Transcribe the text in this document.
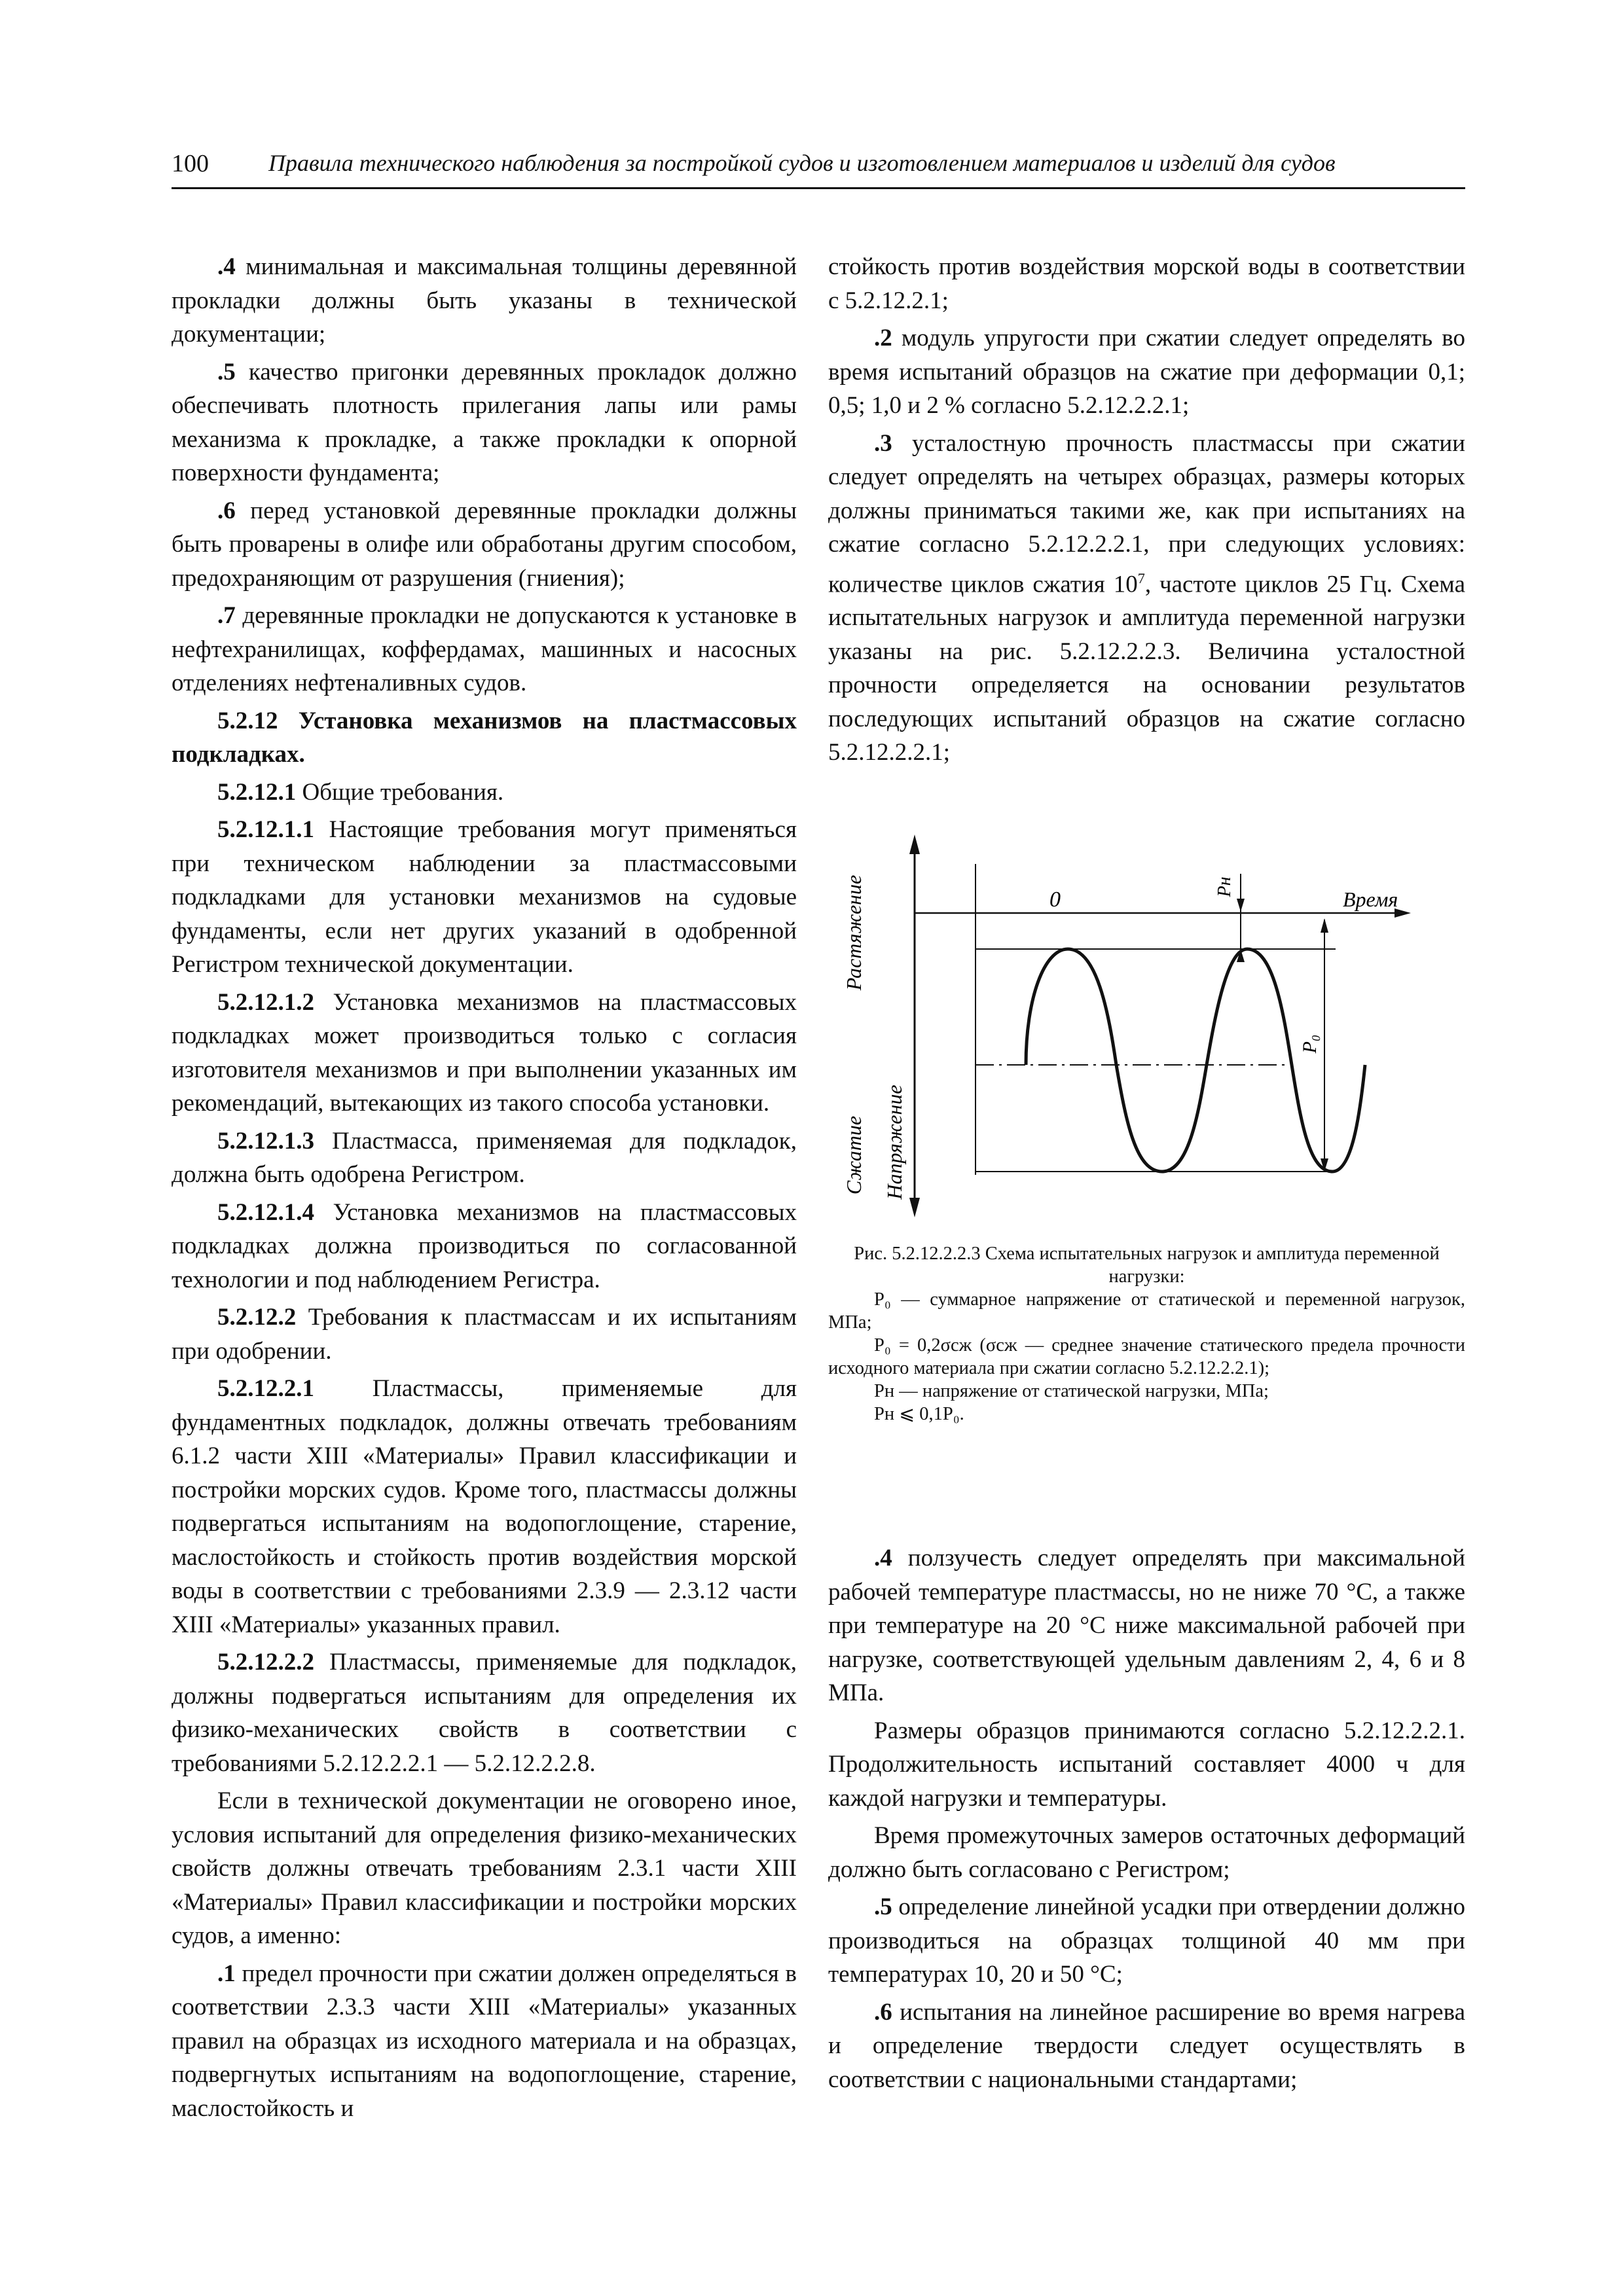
100	Правила технического наблюдения за постройкой судов и изготовлением материалов и изделий для судов

.4 минимальная и максимальная толщины деревянной прокладки должны быть указаны в технической документации;

.5 качество пригонки деревянных прокладок должно обеспечивать плотность прилегания лапы или рамы механизма к прокладке, а также прокладки к опорной поверхности фундамента;

.6 перед установкой деревянные прокладки должны быть проварены в олифе или обработаны другим способом, предохраняющим от разрушения (гниения);

.7 деревянные прокладки не допускаются к установке в нефтехранилищах, коффердамах, машинных и насосных отделениях нефтеналивных судов.

5.2.12 Установка механизмов на пластмассовых подкладках.

5.2.12.1 Общие требования.

5.2.12.1.1 Настоящие требования могут применяться при техническом наблюдении за пластмассовыми подкладками для установки механизмов на судовые фундаменты, если нет других указаний в одобренной Регистром технической документации.

5.2.12.1.2 Установка механизмов на пластмассовых подкладках может производиться только с согласия изготовителя механизмов и при выполнении указанных им рекомендаций, вытекающих из такого способа установки.

5.2.12.1.3 Пластмасса, применяемая для подкладок, должна быть одобрена Регистром.

5.2.12.1.4 Установка механизмов на пластмассовых подкладках должна производиться по согласованной технологии и под наблюдением Регистра.

5.2.12.2 Требования к пластмассам и их испытаниям при одобрении.

5.2.12.2.1 Пластмассы, применяемые для фундаментных подкладок, должны отвечать требованиям 6.1.2 части XIII «Материалы» Правил классификации и постройки морских судов. Кроме того, пластмассы должны подвергаться испытаниям на водопоглощение, старение, маслостойкость и стойкость против воздействия морской воды в соответствии с требованиями 2.3.9 — 2.3.12 части XIII «Материалы» указанных правил.

5.2.12.2.2 Пластмассы, применяемые для подкладок, должны подвергаться испытаниям для определения их физико-механических свойств в соответствии с требованиями 5.2.12.2.2.1 — 5.2.12.2.2.8.

Если в технической документации не оговорено иное, условия испытаний для определения физико-механических свойств должны отвечать требованиям 2.3.1 части XIII «Материалы» Правил классификации и постройки морских судов, а именно:

.1 предел прочности при сжатии должен определяться в соответствии 2.3.3 части XIII «Материалы» указанных правил на образцах из исходного материала и на образцах, подвергнутых испытаниям на водопоглощение, старение, маслостойкость и

стойкость против воздействия морской воды в соответствии с 5.2.12.2.1;

.2 модуль упругости при сжатии следует определять во время испытаний образцов на сжатие при деформации 0,1; 0,5; 1,0 и 2 % согласно 5.2.12.2.2.1;

.3 усталостную прочность пластмассы при сжатии следует определять на четырех образцах, размеры которых должны приниматься такими же, как при испытаниях на сжатие согласно 5.2.12.2.2.1, при следующих условиях: количестве циклов сжатия $10^7$, частоте циклов 25 Гц. Схема испытательных нагрузок и амплитуда переменной нагрузки указаны на рис. 5.2.12.2.2.3. Величина усталостной прочности определяется на основании результатов последующих испытаний образцов на сжатие согласно 5.2.12.2.2.1;

Растяжение
Сжатие Напряжение
0	Время
Pн
P₀

Рис. 5.2.12.2.2.3 Схема испытательных нагрузок и амплитуда переменной нагрузки:

P₀ — суммарное напряжение от статической и переменной нагрузок, МПа;

P₀ = 0,2σсж (σсж — среднее значение статического предела прочности исходного материала при сжатии согласно 5.2.12.2.2.1);

Pн — напряжение от статической нагрузки, МПа;

Pн ⩽ 0,1P₀.

.4 ползучесть следует определять при максимальной рабочей температуре пластмассы, но не ниже 70 °С, а также при температуре на 20 °С ниже максимальной рабочей при нагрузке, соответствующей удельным давлениям 2, 4, 6 и 8 МПа.

Размеры образцов принимаются согласно 5.2.12.2.2.1. Продолжительность испытаний составляет 4000 ч для каждой нагрузки и температуры.

Время промежуточных замеров остаточных деформаций должно быть согласовано с Регистром;

.5 определение линейной усадки при отвердении должно производиться на образцах толщиной 40 мм при температурах 10, 20 и 50 °С;

.6 испытания на линейное расширение во время нагрева и определение твердости следует осуществлять в соответствии с национальными стандартами;
